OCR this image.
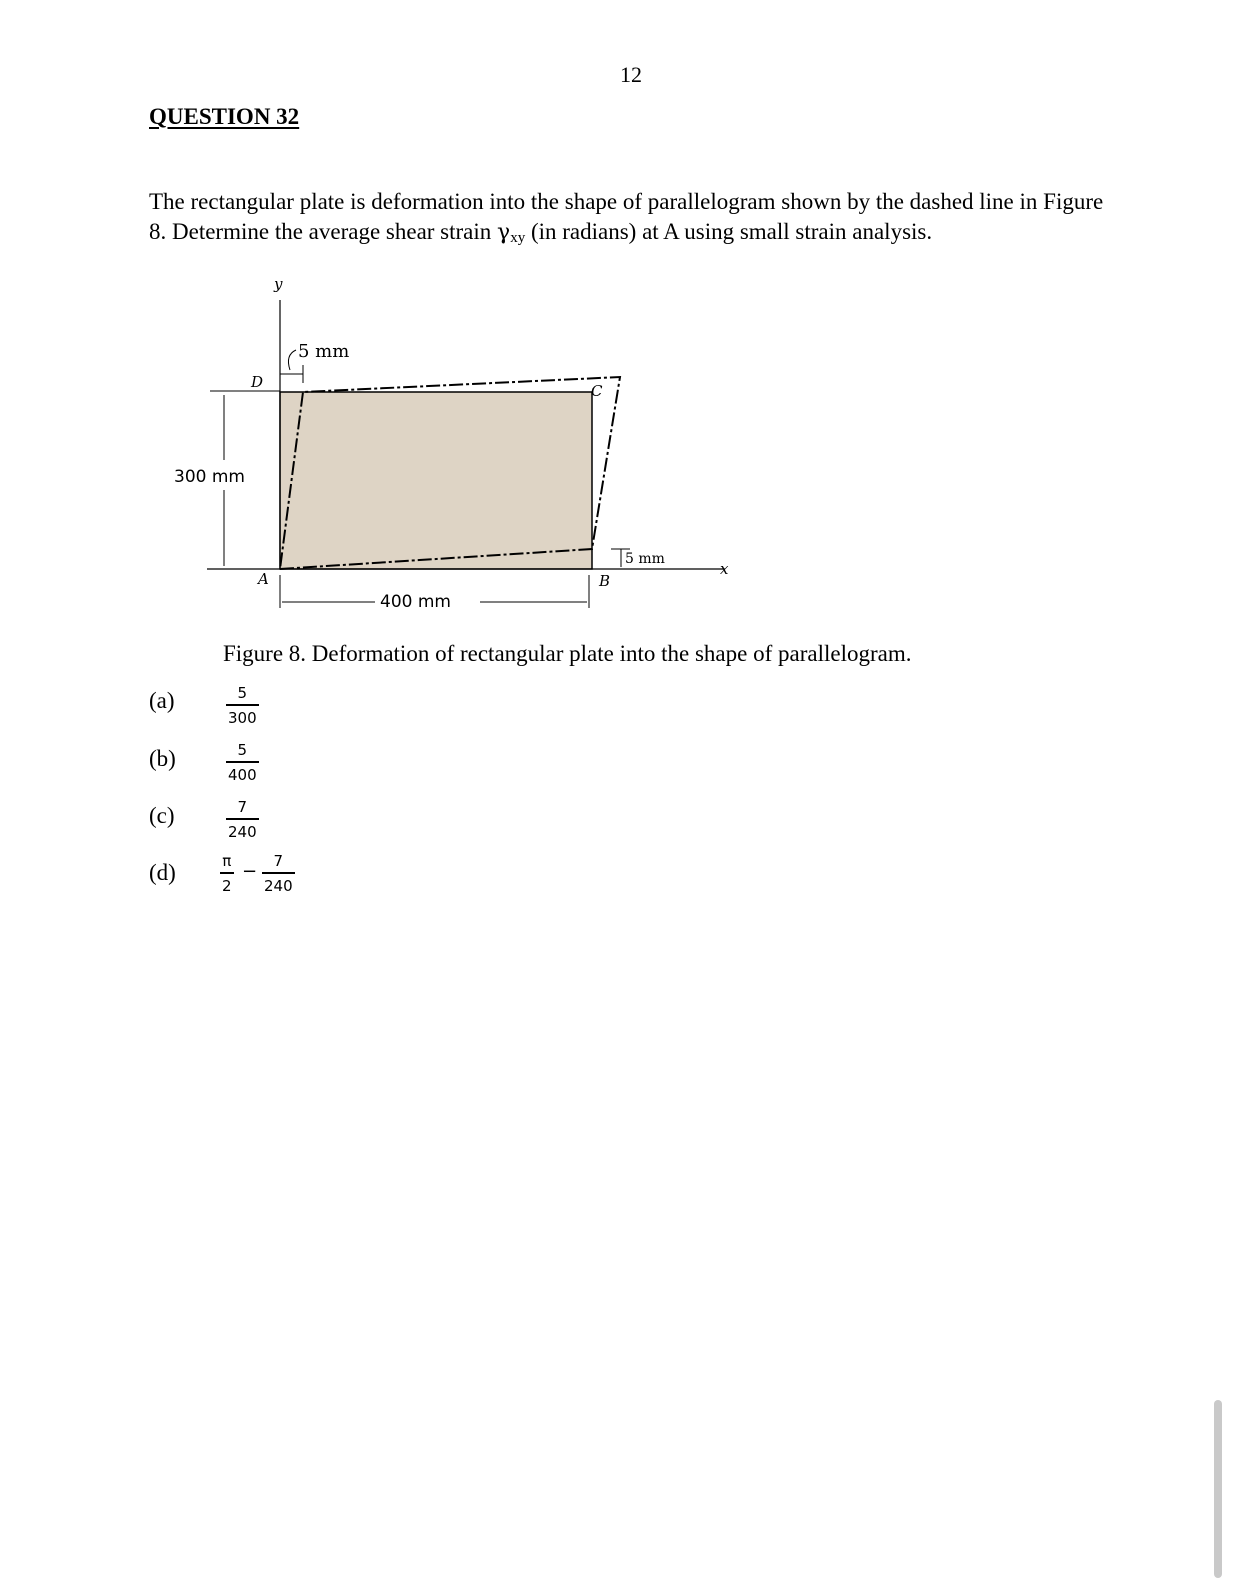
12
QUESTION 32
The rectangular plate is deformation into the shape of parallelogram shown by the dashed line in Figure 8. Determine the average shear strain $\gamma_{xy}$ (in radians) at A using small strain analysis.
y
x
5 mm
300 mm
400 mm
5 mm
A	B
C
D
Figure 8. Deformation of rectangular plate into the shape of parallelogram.
(a)	5
300
(b)	5
400
(c)	7
240
(d)	π
2
− 7
240
